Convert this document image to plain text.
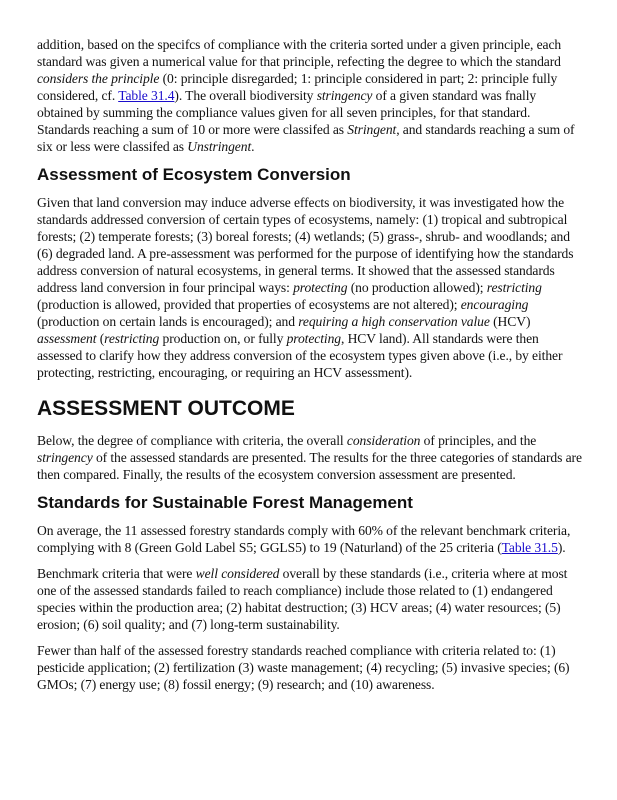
addition, based on the specifcs of compliance with the criteria sorted under a given principle, each standard was given a numerical value for that principle, refecting the degree to which the standard considers the principle (0: principle disregarded; 1: principle considered in part; 2: principle fully considered, cf. Table 31.4). The overall biodiversity stringency of a given standard was fnally obtained by summing the compliance values given for all seven principles, for that standard. Standards reaching a sum of 10 or more were classifed as Stringent, and standards reaching a sum of six or less were classifed as Unstringent.

Assessment of Ecosystem Conversion

Given that land conversion may induce adverse effects on biodiversity, it was investigated how the standards addressed conversion of certain types of ecosystems, namely: (1) tropical and subtropical forests; (2) temperate forests; (3) boreal forests; (4) wetlands; (5) grass-, shrub- and woodlands; and (6) degraded land. A pre-assessment was performed for the purpose of identifying how the standards address conversion of natural ecosystems, in general terms. It showed that the assessed standards address land conversion in four principal ways: protecting (no production allowed); restricting (production is allowed, provided that properties of ecosystems are not altered); encouraging (production on certain lands is encouraged); and requiring a high conservation value (HCV) assessment (restricting production on, or fully protecting, HCV land). All standards were then assessed to clarify how they address conversion of the ecosystem types given above (i.e., by either protecting, restricting, encouraging, or requiring an HCV assessment).

ASSESSMENT OUTCOME

Below, the degree of compliance with criteria, the overall consideration of principles, and the stringency of the assessed standards are presented. The results for the three categories of standards are then compared. Finally, the results of the ecosystem conversion assessment are presented.

Standards for Sustainable Forest Management

On average, the 11 assessed forestry standards comply with 60% of the relevant benchmark criteria, complying with 8 (Green Gold Label S5; GGLS5) to 19 (Naturland) of the 25 criteria (Table 31.5).

Benchmark criteria that were well considered overall by these standards (i.e., criteria where at most one of the assessed standards failed to reach compliance) include those related to (1) endangered species within the production area; (2) habitat destruction; (3) HCV areas; (4) water resources; (5) erosion; (6) soil quality; and (7) long-term sustainability.

Fewer than half of the assessed forestry standards reached compliance with criteria related to: (1) pesticide application; (2) fertilization (3) waste management; (4) recycling; (5) invasive species; (6) GMOs; (7) energy use; (8) fossil energy; (9) research; and (10) awareness.
